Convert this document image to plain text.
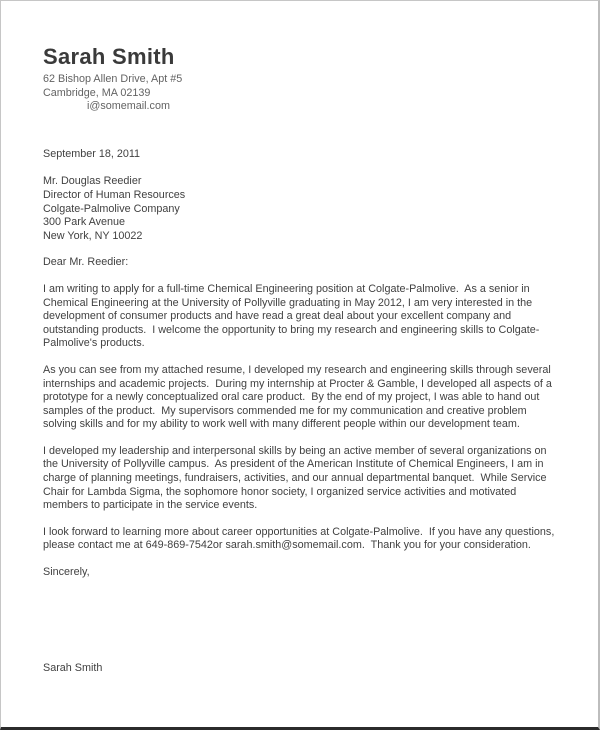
Sarah Smith
62 Bishop Allen Drive, Apt #5
Cambridge, MA 02139
i@somemail.com
September 18, 2011
Mr. Douglas Reedier
Director of Human Resources
Colgate-Palmolive Company
300 Park Avenue
New York, NY 10022
Dear Mr. Reedier:
I am writing to apply for a full-time Chemical Engineering position at Colgate-Palmolive.  As a senior in Chemical Engineering at the University of Pollyville graduating in May 2012, I am very interested in the development of consumer products and have read a great deal about your excellent company and outstanding products.  I welcome the opportunity to bring my research and engineering skills to Colgate-Palmolive's products.
As you can see from my attached resume, I developed my research and engineering skills through several internships and academic projects.  During my internship at Procter & Gamble, I developed all aspects of a prototype for a newly conceptualized oral care product.  By the end of my project, I was able to hand out samples of the product.  My supervisors commended me for my communication and creative problem solving skills and for my ability to work well with many different people within our development team.
I developed my leadership and interpersonal skills by being an active member of several organizations on the University of Pollyville campus.  As president of the American Institute of Chemical Engineers, I am in charge of planning meetings, fundraisers, activities, and our annual departmental banquet.  While Service Chair for Lambda Sigma, the sophomore honor society, I organized service activities and motivated members to participate in the service events.
I look forward to learning more about career opportunities at Colgate-Palmolive.  If you have any questions, please contact me at 649-869-7542or sarah.smith@somemail.com.  Thank you for your consideration.
Sincerely,
Sarah Smith
